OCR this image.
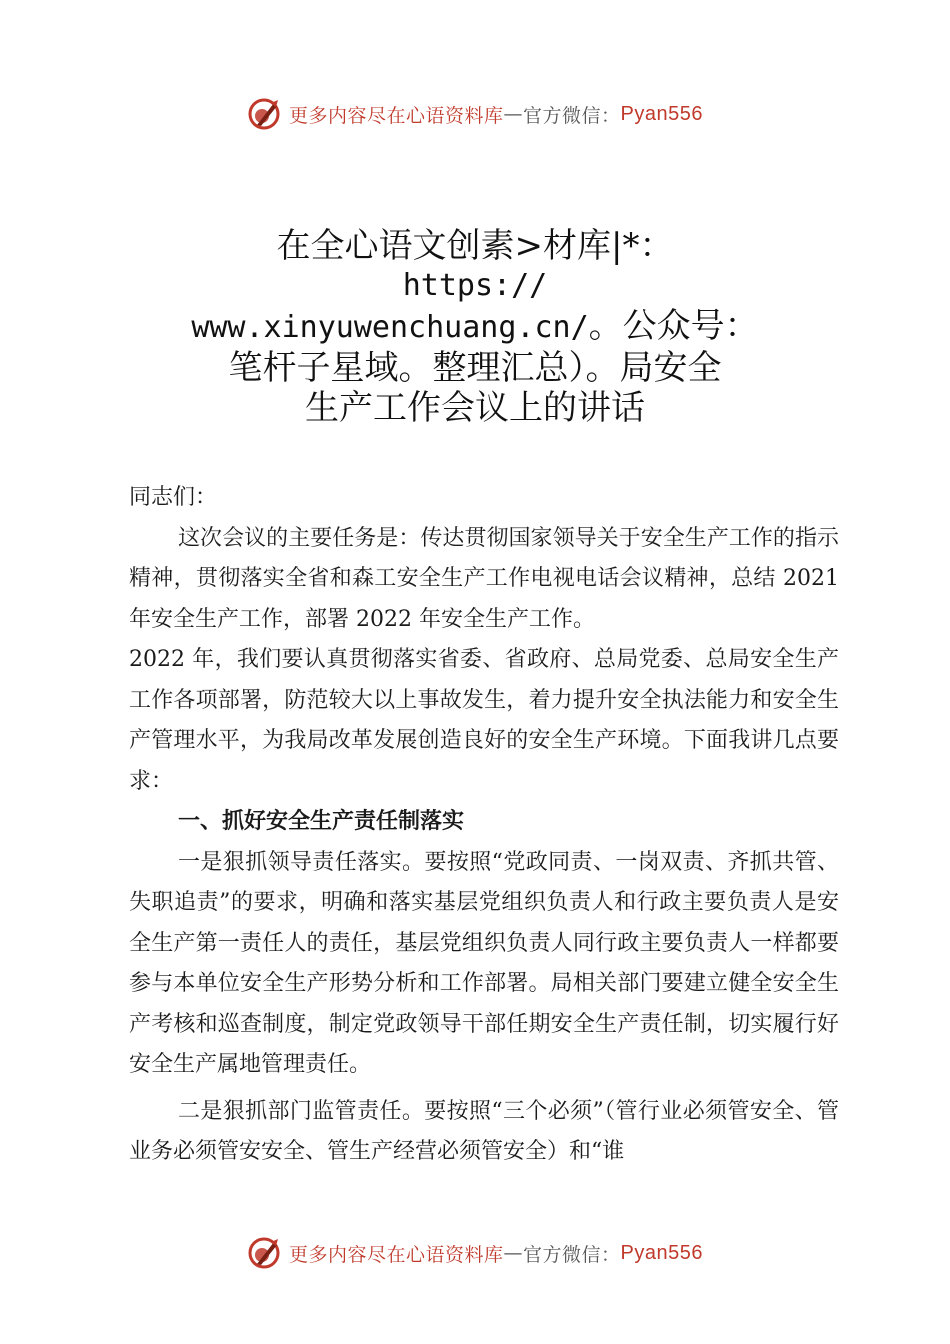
更多内容尽在心语资料库 — 官方微信： Pyan556
在全心语文创素>材库|*：
https://
www.xinyuwenchuang.cn/。公众号：
笔杆子星域。整理汇总）。局安全
生产工作会议上的讲话

同志们：

这次会议的主要任务是：传达贯彻国家领导关于安全生产工作的指示精神，贯彻落实全省和森工安全生产工作电视电话会议精神，总结 2021 年安全生产工作，部署 2022 年安全生产工作。

2022 年，我们要认真贯彻落实省委、省政府、总局党委、总局安全生产工作各项部署，防范较大以上事故发生，着力提升安全执法能力和安全生产管理水平，为我局改革发展创造良好的安全生产环境。下面我讲几点要求：

一、抓好安全生产责任制落实

一是狠抓领导责任落实。要按照“党政同责、一岗双责、齐抓共管、失职追责”的要求，明确和落实基层党组织负责人和行政主要负责人是安全生产第一责任人的责任，基层党组织负责人同行政主要负责人一样都要参与本单位安全生产形势分析和工作部署。局相关部门要建立健全安全生产考核和巡查制度，制定党政领导干部任期安全生产责任制，切实履行好安全生产属地管理责任。

二是狠抓部门监管责任。要按照“三个必须”（管行业必须管安全、管业务必须管安安全、管生产经营必须管安全）和“谁

更多内容尽在心语资料库 — 官方微信： Pyan556
